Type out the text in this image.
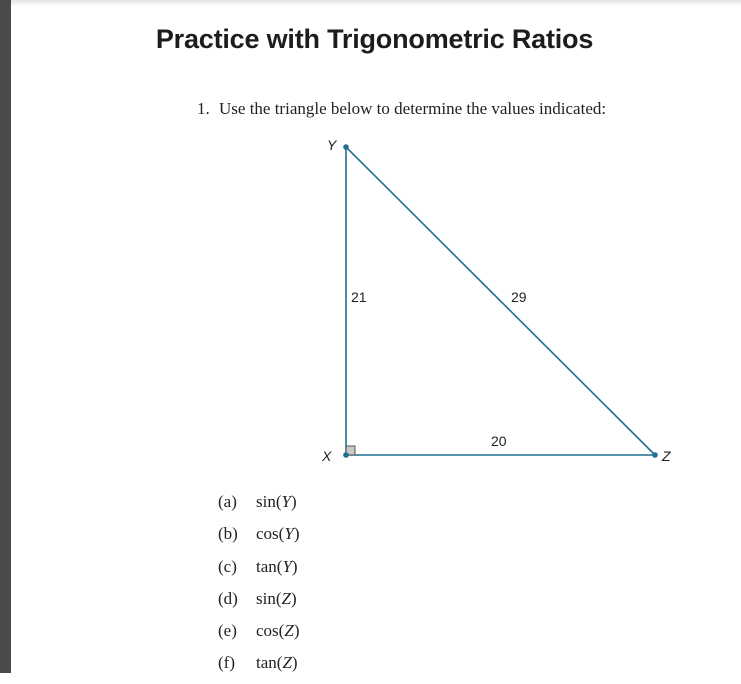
Practice with Trigonometric Ratios
1. Use the triangle below to determine the values indicated:
Y
X	Z
21	29
20
(a) sin(Y)
(b) cos(Y)
(c) tan(Y)
(d) sin(Z)
(e) cos(Z)
(f) tan(Z)
